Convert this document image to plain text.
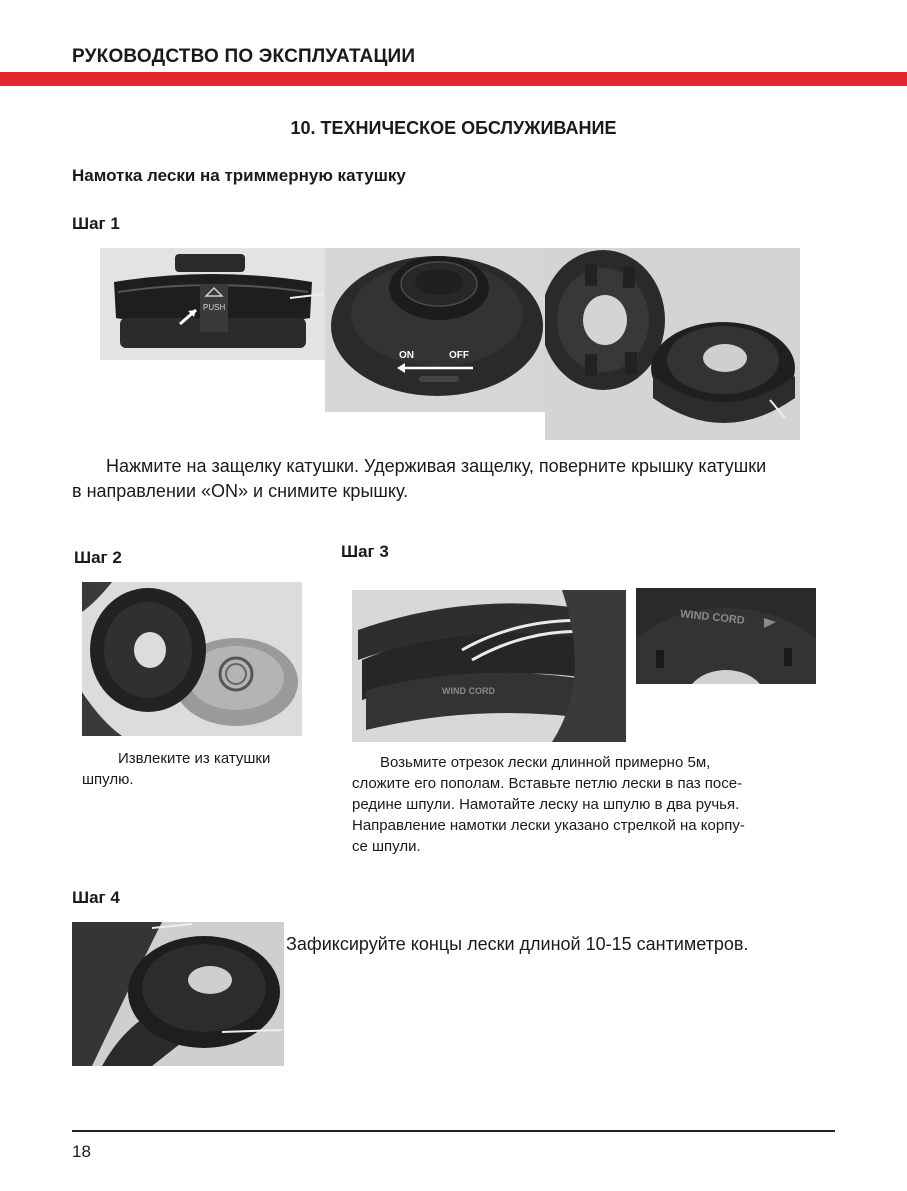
РУКОВОДСТВО ПО ЭКСПЛУАТАЦИИ
10. ТЕХНИЧЕСКОЕ ОБСЛУЖИВАНИЕ
Намотка лески на триммерную катушку
Шаг 1
PUSH
ON	OFF
Нажмите на защелку катушки. Удерживая защелку, поверните крышку катушки
в направлении «ON» и снимите крышку.
Шаг 2
Извлеките из катушки
шпулю.
Шаг 3
WIND CORD
WIND CORD
Возьмите отрезок лески длинной примерно 5м,
сложите его пополам. Вставьте петлю лески в паз посе-
редине шпули. Намотайте леску на шпулю в два ручья.
Направление намотки лески указано стрелкой на корпу-
се шпули.
Шаг 4
Зафиксируйте концы лески длиной 10-15 сантиметров.
18
